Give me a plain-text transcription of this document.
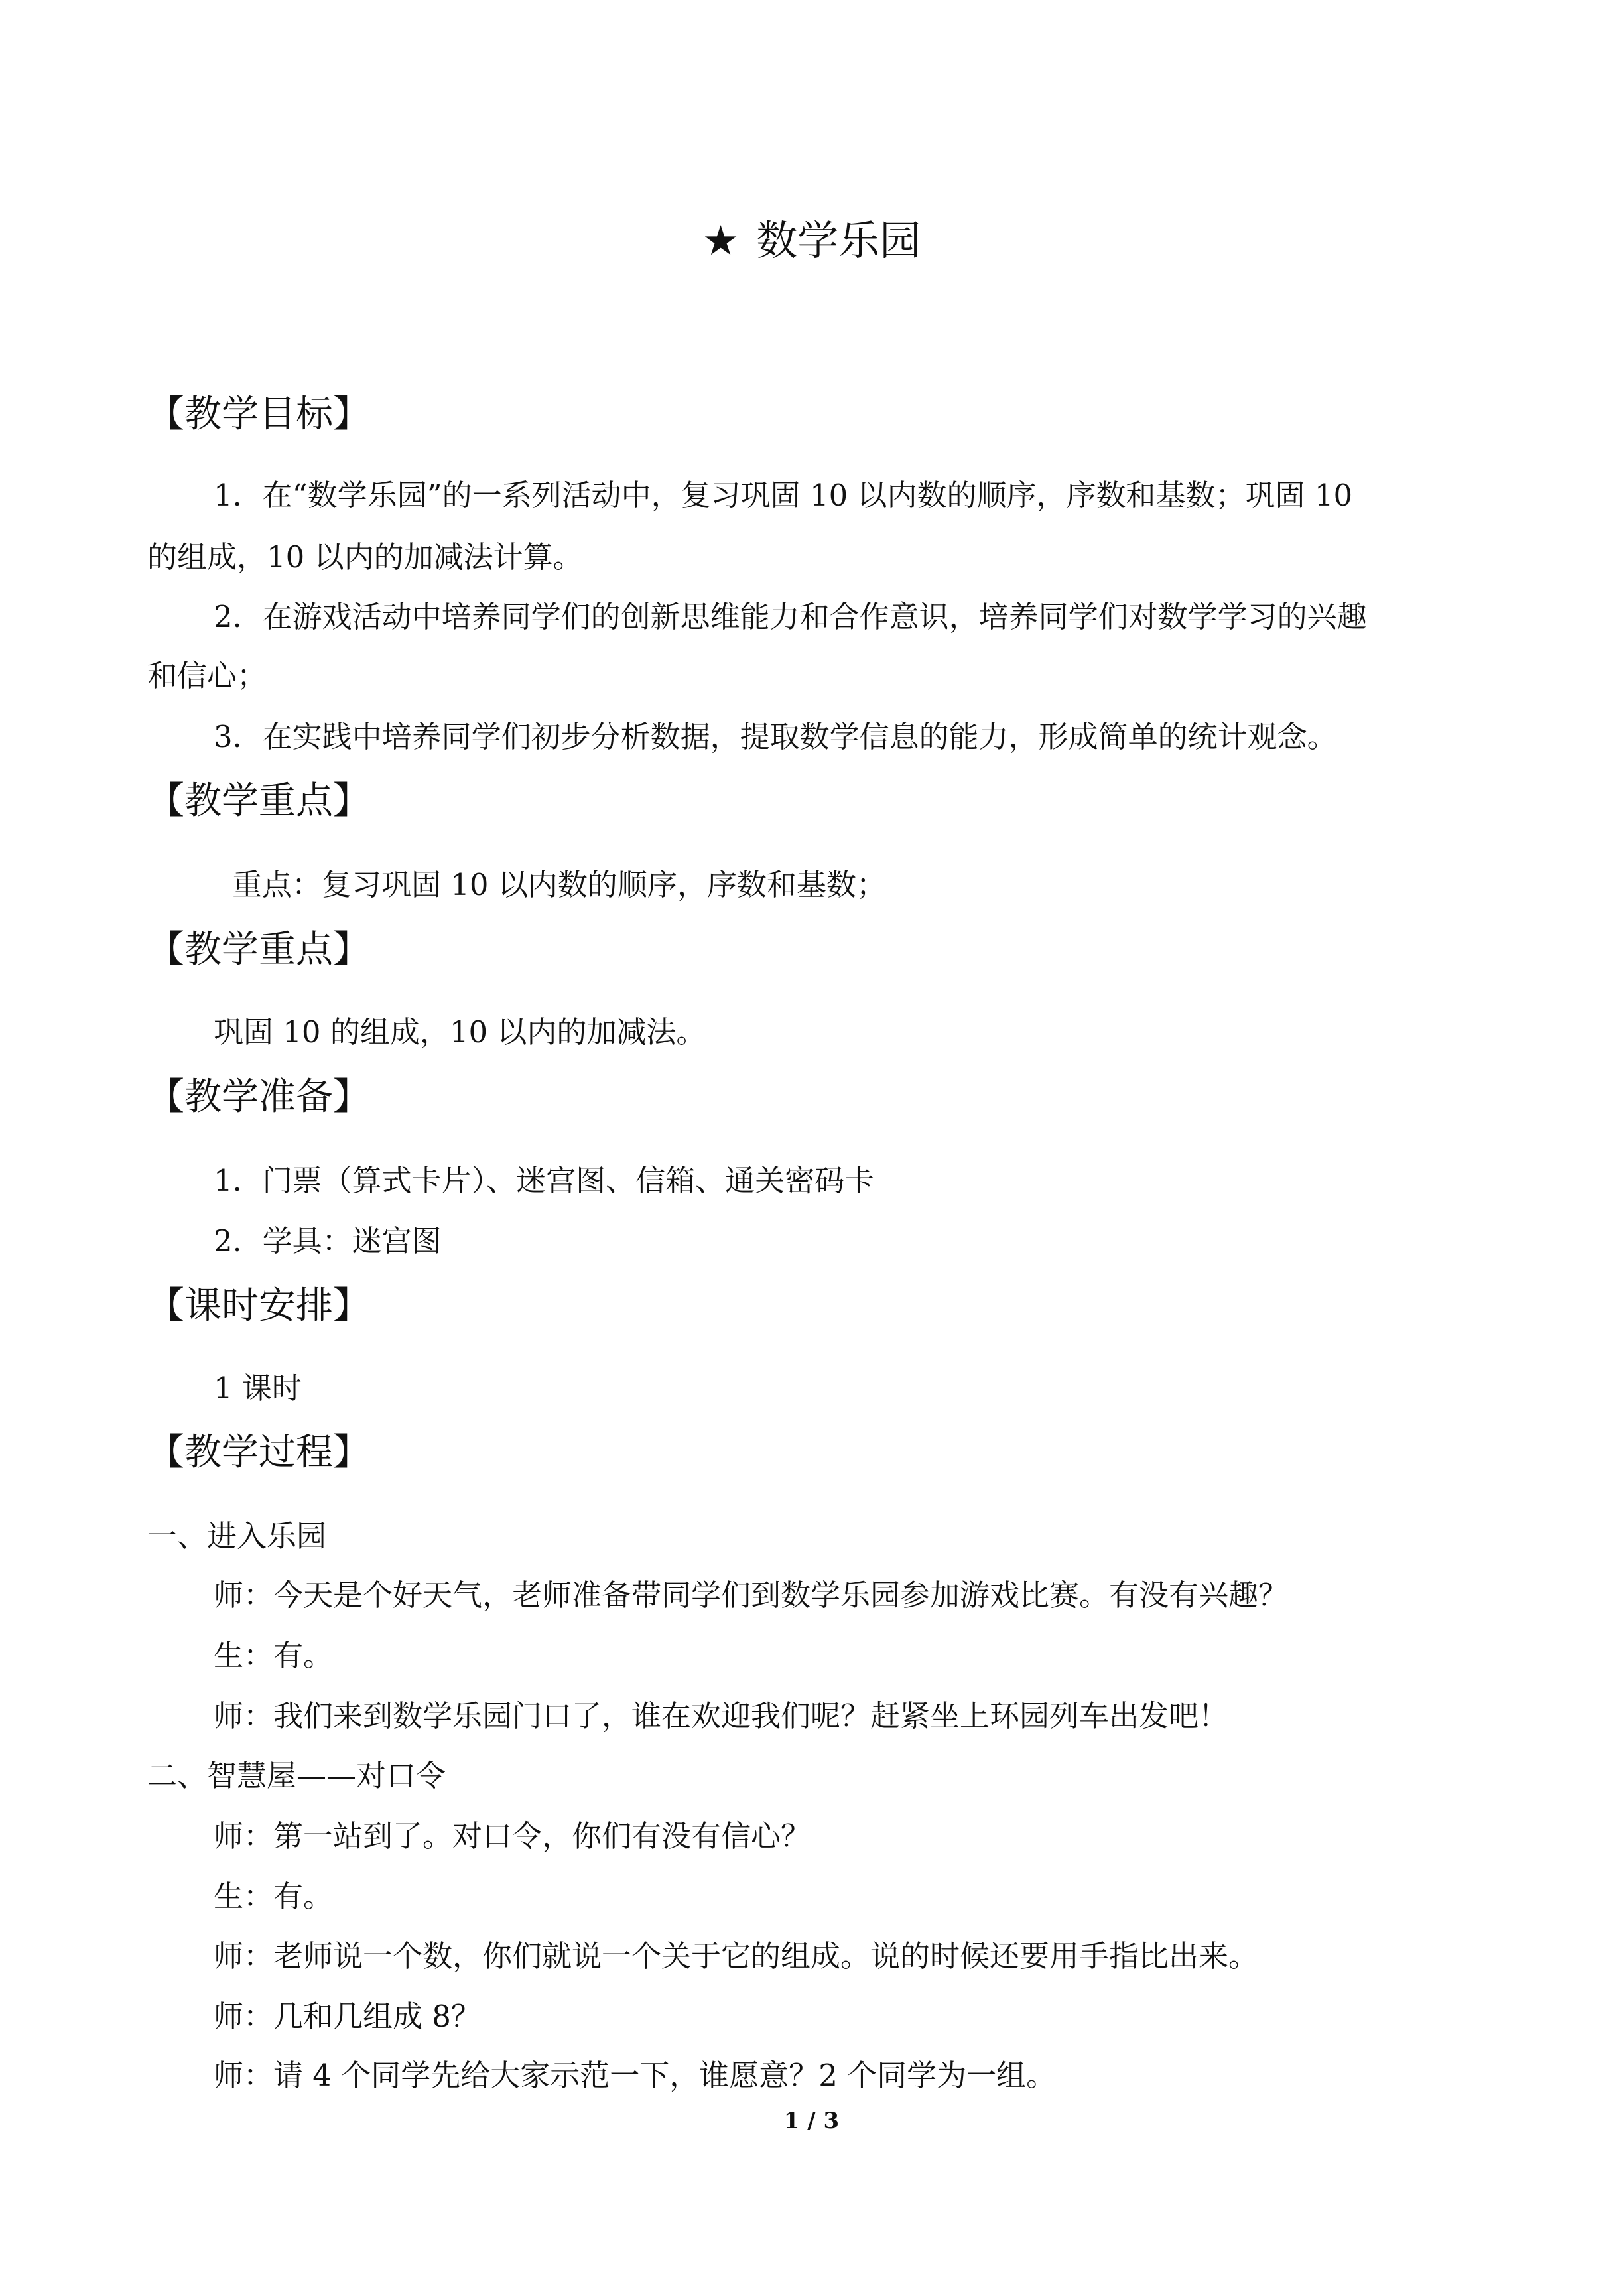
★ 数学乐园
【教学目标】
1．在“数学乐园”的一系列活动中，复习巩固 10 以内数的顺序，序数和基数；巩固 10
的组成，10 以内的加减法计算。
2．在游戏活动中培养同学们的创新思维能力和合作意识，培养同学们对数学学习的兴趣
和信心；
3．在实践中培养同学们初步分析数据，提取数学信息的能力，形成简单的统计观念。
【教学重点】
重点：复习巩固 10 以内数的顺序，序数和基数；
【教学重点】
巩固 10 的组成，10 以内的加减法。
【教学准备】
1．门票（算式卡片）、迷宫图、信箱、通关密码卡
2．学具：迷宫图
【课时安排】
1 课时
【教学过程】
一、进入乐园
师：今天是个好天气，老师准备带同学们到数学乐园参加游戏比赛。有没有兴趣？
生：有。
师：我们来到数学乐园门口了，谁在欢迎我们呢？赶紧坐上环园列车出发吧！
二、智慧屋——对口令
师：第一站到了。对口令，你们有没有信心？
生：有。
师：老师说一个数，你们就说一个关于它的组成。说的时候还要用手指比出来。
师：几和几组成 8？
师：请 4 个同学先给大家示范一下，谁愿意？2 个同学为一组。
1 / 3
